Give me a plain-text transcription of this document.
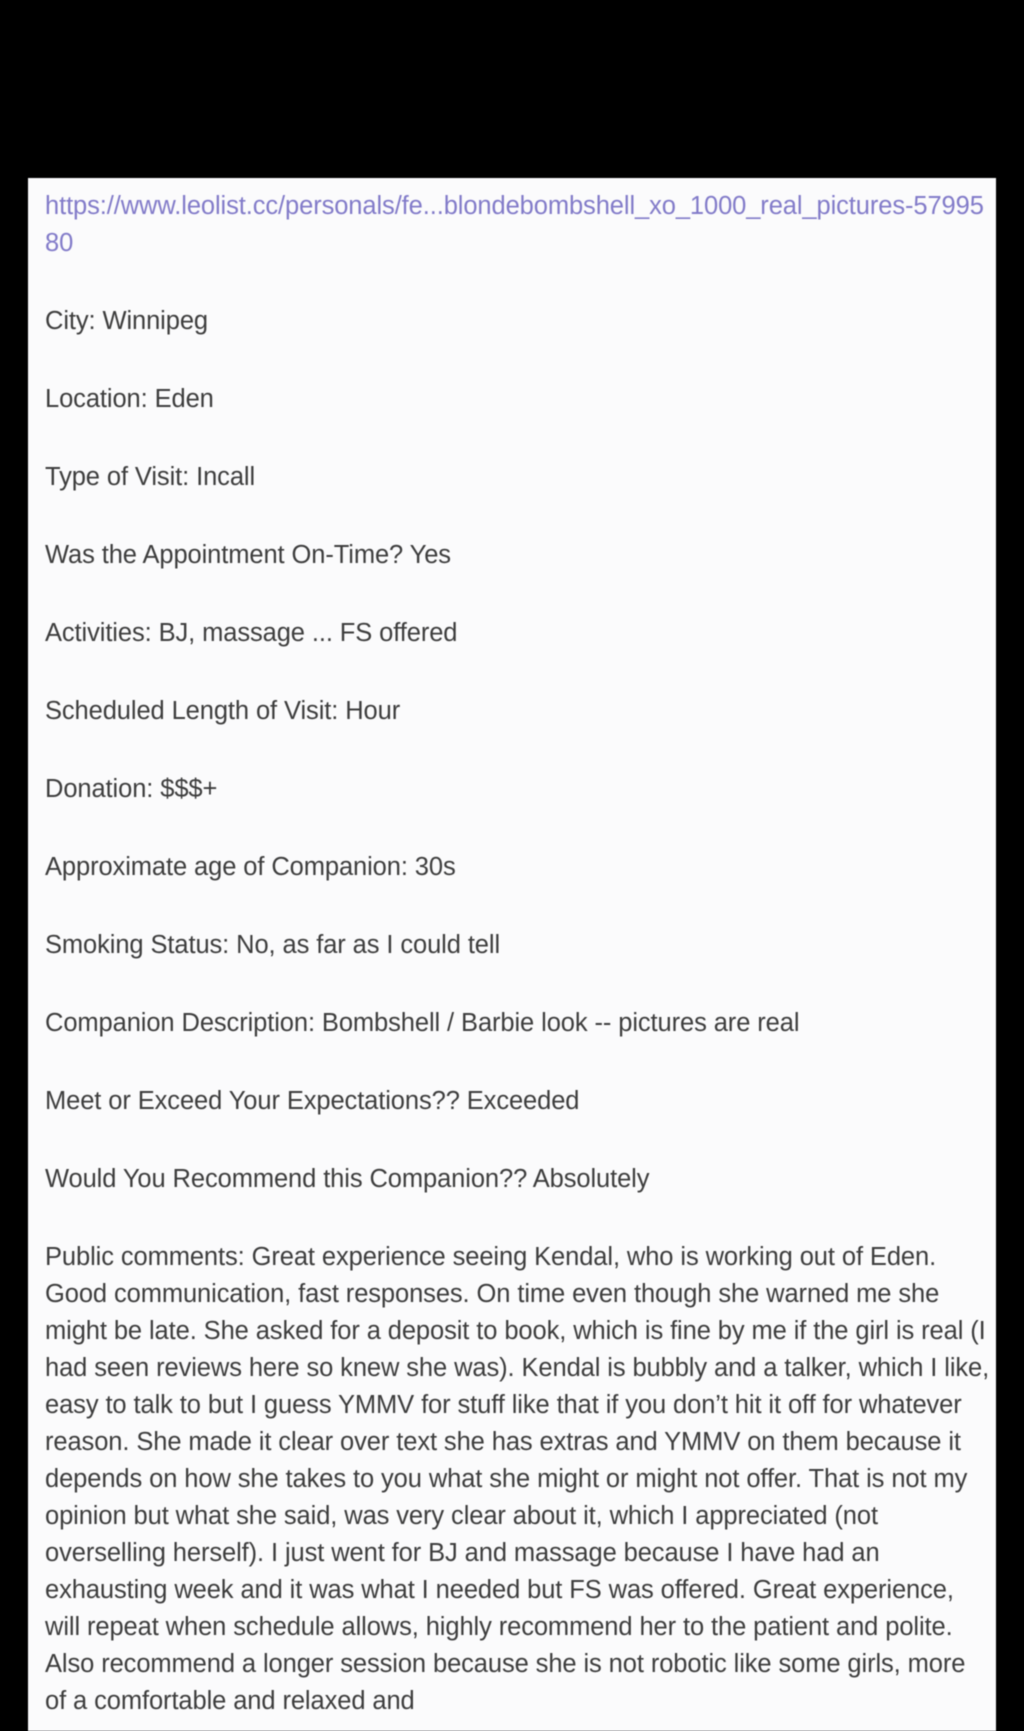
https://www.leolist.cc/personals/fe...blondebombshell_xo_1000_real_pictures-5799580

City: Winnipeg

Location: Eden

Type of Visit: Incall

Was the Appointment On-Time? Yes

Activities: BJ, massage ... FS offered

Scheduled Length of Visit: Hour

Donation: $$$+

Approximate age of Companion: 30s

Smoking Status: No, as far as I could tell

Companion Description: Bombshell / Barbie look -- pictures are real

Meet or Exceed Your Expectations?? Exceeded

Would You Recommend this Companion?? Absolutely

Public comments: Great experience seeing Kendal, who is working out of Eden. Good communication, fast responses. On time even though she warned me she might be late. She asked for a deposit to book, which is fine by me if the girl is real (I had seen reviews here so knew she was). Kendal is bubbly and a talker, which I like, easy to talk to but I guess YMMV for stuff like that if you don’t hit it off for whatever reason. She made it clear over text she has extras and YMMV on them because it depends on how she takes to you what she might or might not offer. That is not my opinion but what she said, was very clear about it, which I appreciated (not overselling herself). I just went for BJ and massage because I have had an exhausting week and it was what I needed but FS was offered. Great experience, will repeat when schedule allows, highly recommend her to the patient and polite. Also recommend a longer session because she is not robotic like some girls, more of a comfortable and relaxed and
